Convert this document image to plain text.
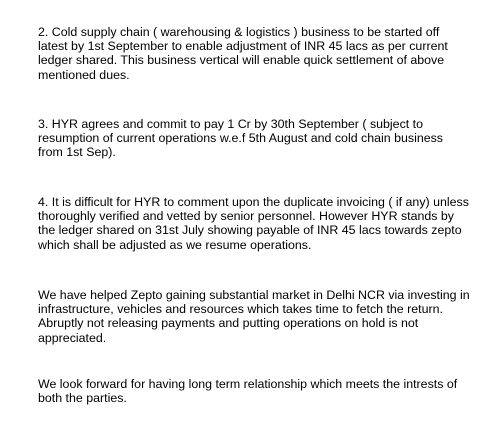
2. Cold supply chain ( warehousing & logistics ) business to be started off
latest by 1st September to enable adjustment of INR 45 lacs as per current
ledger shared. This business vertical will enable quick settlement of above
mentioned dues.

3. HYR agrees and commit to pay 1 Cr by 30th September ( subject to
resumption of current operations w.e.f 5th August and cold chain business
from 1st Sep).

4. It is difficult for HYR to comment upon the duplicate invoicing ( if any) unless
thoroughly verified and vetted by senior personnel. However HYR stands by
the ledger shared on 31st July showing payable of INR 45 lacs towards zepto
which shall be adjusted as we resume operations.

We have helped Zepto gaining substantial market in Delhi NCR via investing in
infrastructure, vehicles and resources which takes time to fetch the return.
Abruptly not releasing payments and putting operations on hold is not
appreciated.

We look forward for having long term relationship which meets the intrests of
both the parties.
